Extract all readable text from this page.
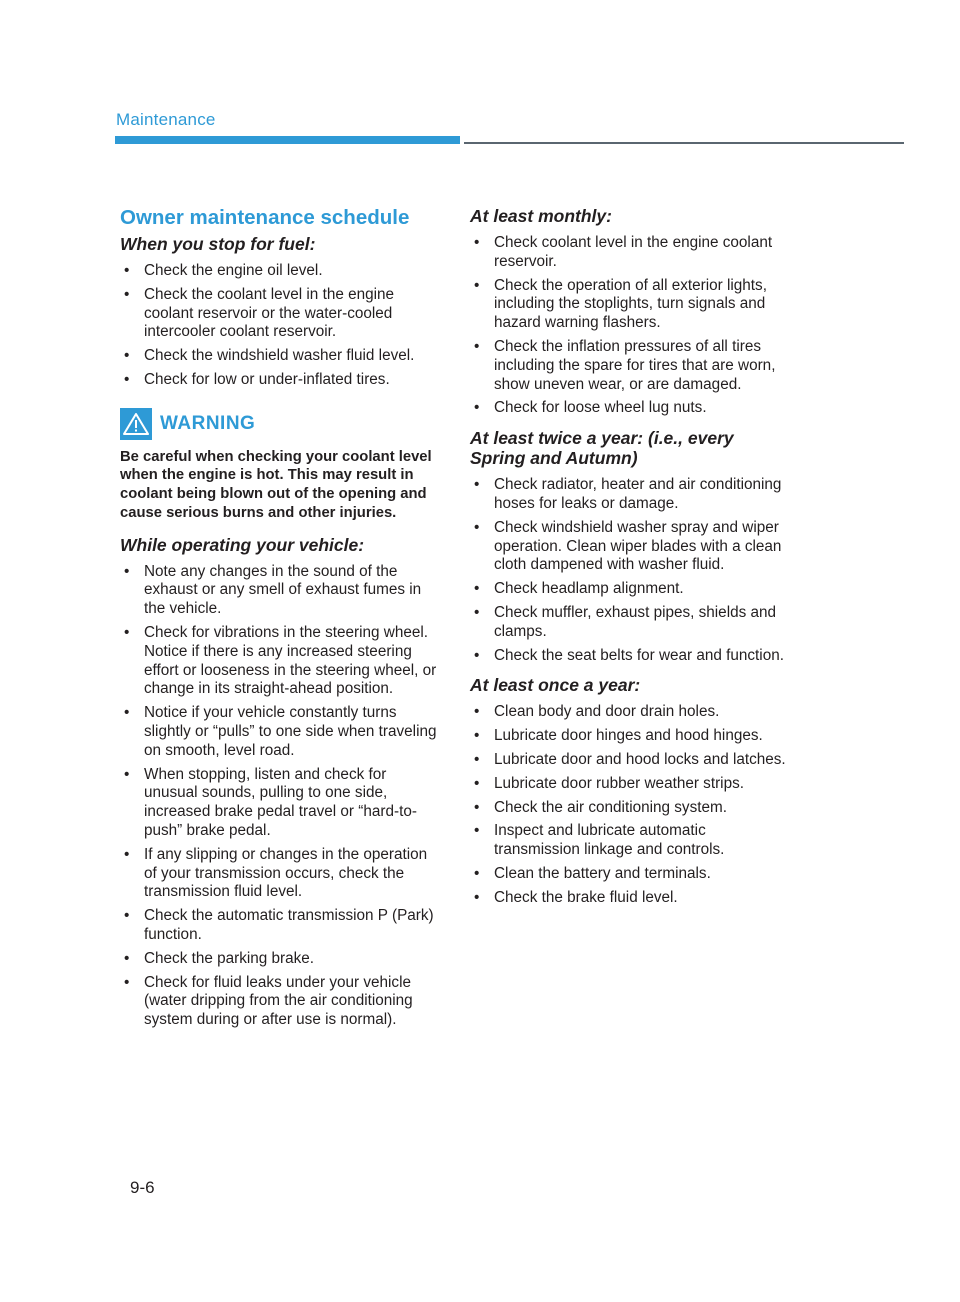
Maintenance
Owner maintenance schedule
When you stop for fuel:
• Check the engine oil level.
• Check the coolant level in the engine coolant reservoir or the water-cooled intercooler coolant reservoir.
• Check the windshield washer fluid level.
• Check for low or under-inflated tires.
WARNING

Be careful when checking your coolant level when the engine is hot. This may result in coolant being blown out of the opening and cause serious burns and other injuries.

While operating your vehicle:
• Note any changes in the sound of the exhaust or any smell of exhaust fumes in the vehicle.
• Check for vibrations in the steering wheel. Notice if there is any increased steering effort or looseness in the steering wheel, or change in its straight-ahead position.
• Notice if your vehicle constantly turns slightly or “pulls” to one side when traveling on smooth, level road.
• When stopping, listen and check for unusual sounds, pulling to one side, increased brake pedal travel or “hard-to-push” brake pedal.
• If any slipping or changes in the operation of your transmission occurs, check the transmission fluid level.
• Check the automatic transmission P (Park) function.
• Check the parking brake.
• Check for fluid leaks under your vehicle (water dripping from the air conditioning system during or after use is normal).
At least monthly:
• Check coolant level in the engine coolant reservoir.
• Check the operation of all exterior lights, including the stoplights, turn signals and hazard warning flashers.
• Check the inflation pressures of all tires including the spare for tires that are worn, show uneven wear, or are damaged.
• Check for loose wheel lug nuts.
At least twice a year: (i.e., every
Spring and Autumn)
• Check radiator, heater and air conditioning hoses for leaks or damage.
• Check windshield washer spray and wiper operation. Clean wiper blades with a clean cloth dampened with washer fluid.
• Check headlamp alignment.
• Check muffler, exhaust pipes, shields and clamps.
• Check the seat belts for wear and function.
At least once a year:
• Clean body and door drain holes.
• Lubricate door hinges and hood hinges.
• Lubricate door and hood locks and latches.
• Lubricate door rubber weather strips.
• Check the air conditioning system.
• Inspect and lubricate automatic transmission linkage and controls.
• Clean the battery and terminals.
• Check the brake fluid level.
9-6
